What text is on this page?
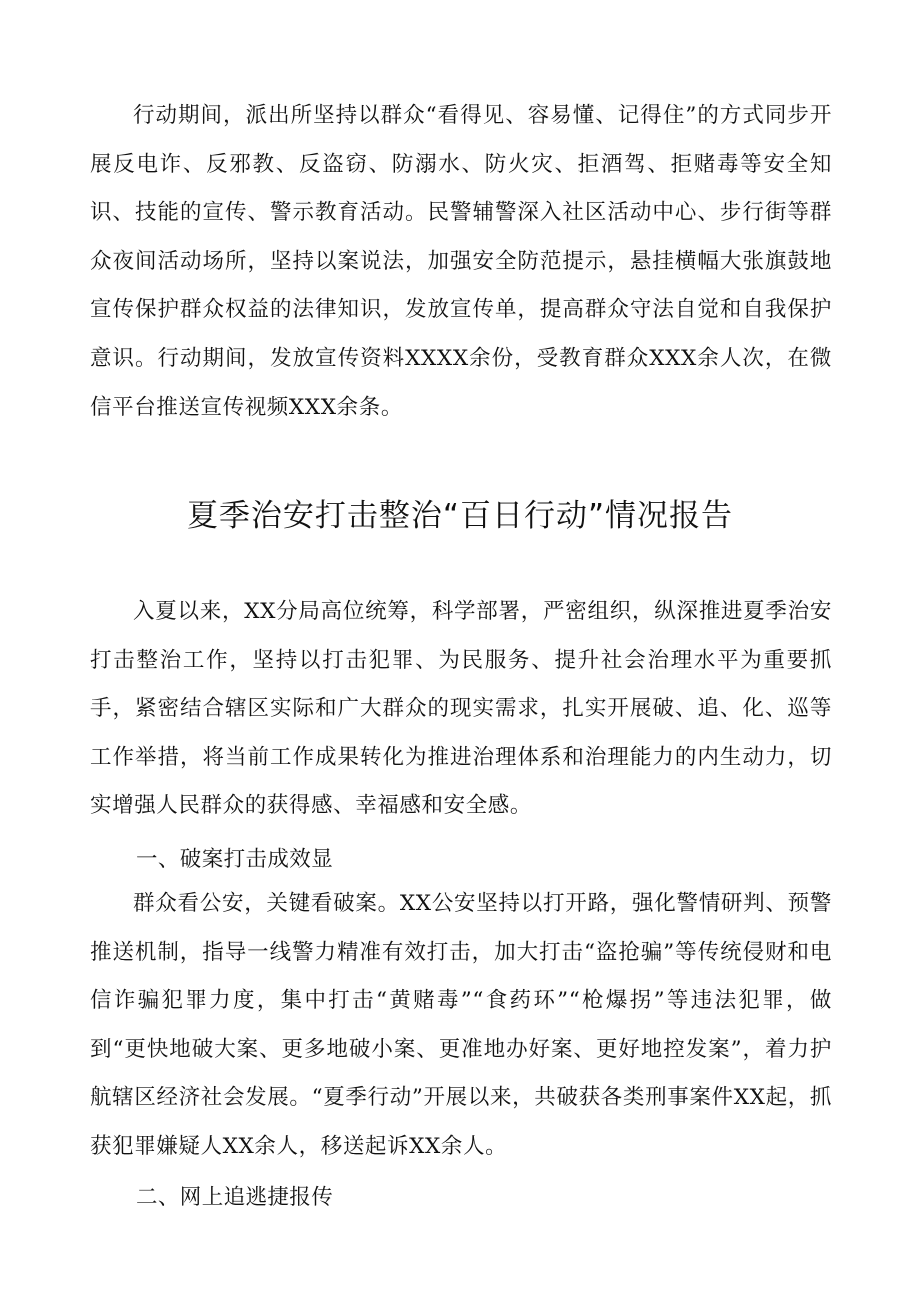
行动期间，派出所坚持以群众“看得见、容易懂、记得住”的方式同步开展反电诈、反邪教、反盗窃、防溺水、防火灾、拒酒驾、拒赌毒等安全知识、技能的宣传、警示教育活动。民警辅警深入社区活动中心、步行街等群众夜间活动场所，坚持以案说法，加强安全防范提示，悬挂横幅大张旗鼓地宣传保护群众权益的法律知识，发放宣传单，提高群众守法自觉和自我保护意识。行动期间，发放宣传资料XXXX余份，受教育群众XXX余人次，在微信平台推送宣传视频XXX余条。

夏季治安打击整治“百日行动”情况报告

入夏以来，XX分局高位统筹，科学部署，严密组织，纵深推进夏季治安打击整治工作，坚持以打击犯罪、为民服务、提升社会治理水平为重要抓手，紧密结合辖区实际和广大群众的现实需求，扎实开展破、追、化、巡等工作举措，将当前工作成果转化为推进治理体系和治理能力的内生动力，切实增强人民群众的获得感、幸福感和安全感。

一、破案打击成效显

群众看公安，关键看破案。XX公安坚持以打开路，强化警情研判、预警推送机制，指导一线警力精准有效打击，加大打击“盗抢骗”等传统侵财和电信诈骗犯罪力度，集中打击“黄赌毒”“食药环”“枪爆拐”等违法犯罪，做到“更快地破大案、更多地破小案、更准地办好案、更好地控发案”，着力护航辖区经济社会发展。“夏季行动”开展以来，共破获各类刑事案件XX起，抓获犯罪嫌疑人XX余人，移送起诉XX余人。

二、网上追逃捷报传
